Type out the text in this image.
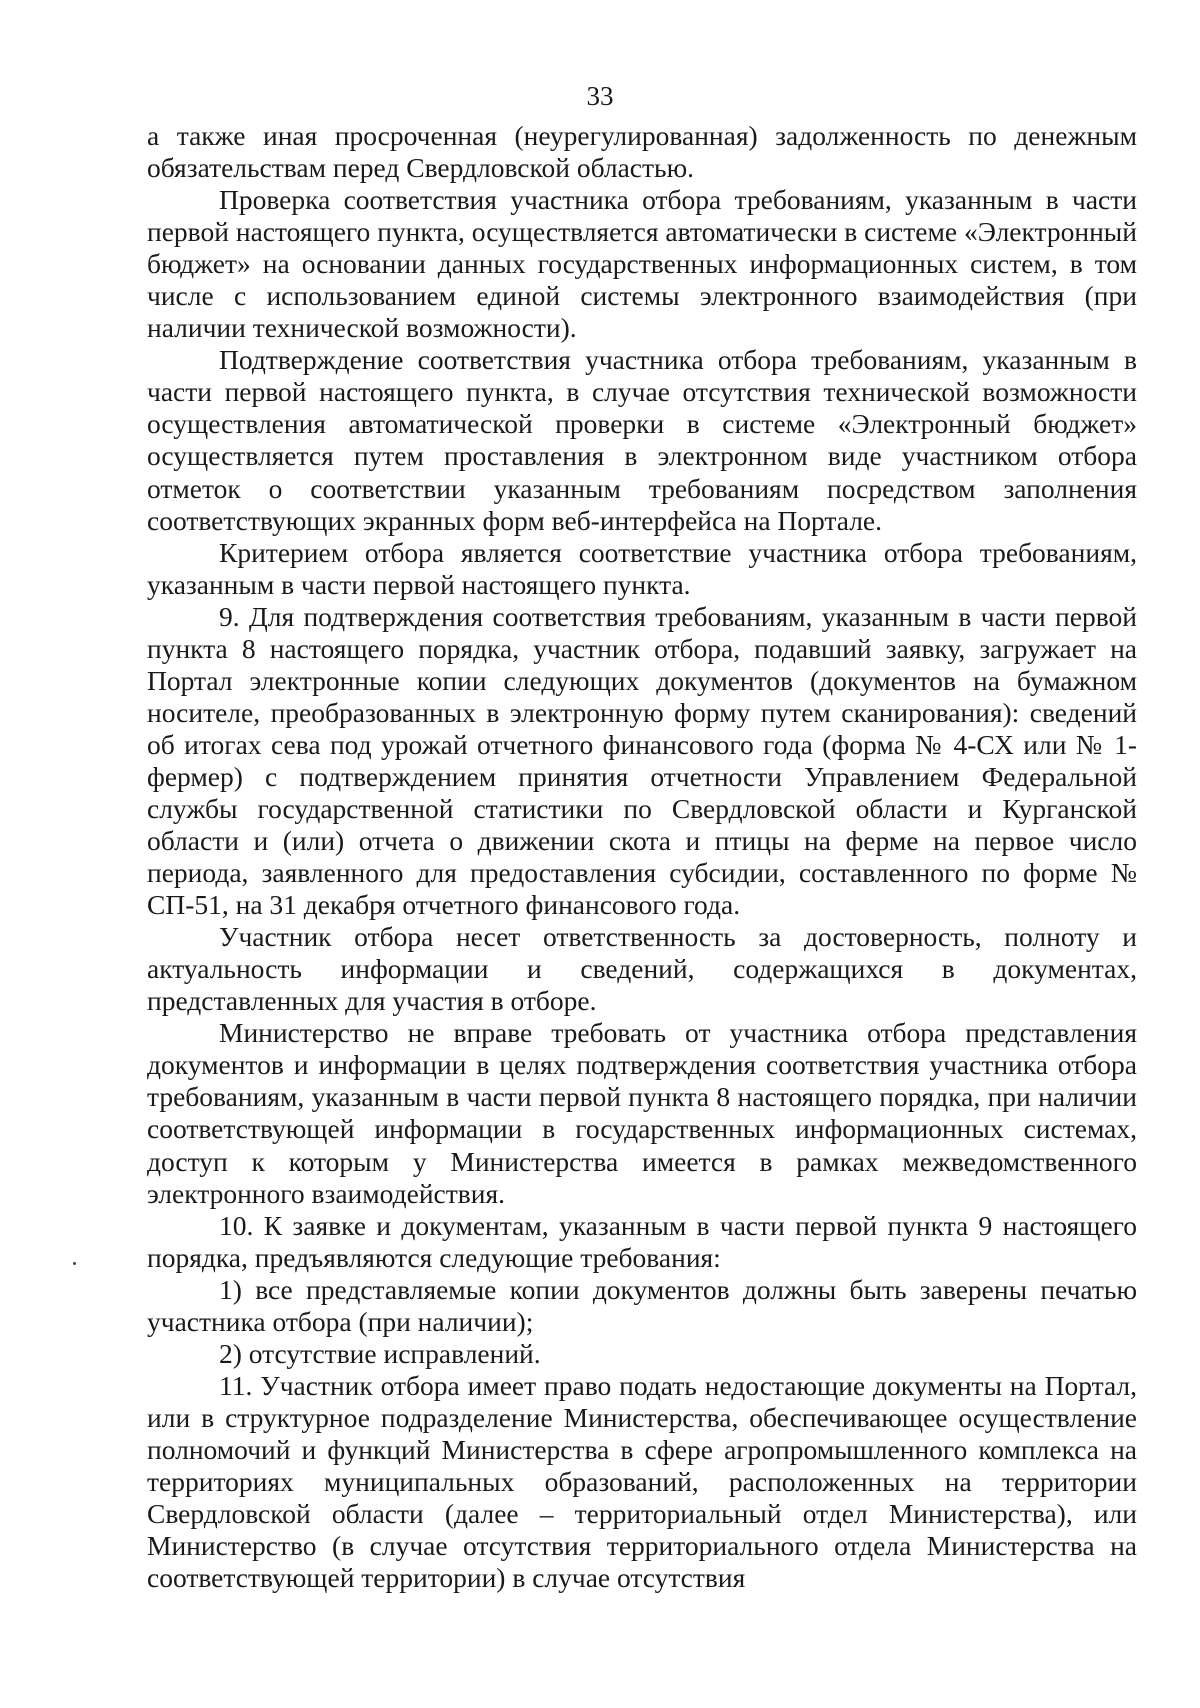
33

а также иная просроченная (неурегулированная) задолженность по денежным обязательствам перед Свердловской областью.

Проверка соответствия участника отбора требованиям, указанным в части первой настоящего пункта, осуществляется автоматически в системе «Электронный бюджет» на основании данных государственных информационных систем, в том числе с использованием единой системы электронного взаимодействия (при наличии технической возможности).

Подтверждение соответствия участника отбора требованиям, указанным в части первой настоящего пункта, в случае отсутствия технической возможности осуществления автоматической проверки в системе «Электронный бюджет» осуществляется путем проставления в электронном виде участником отбора отметок о соответствии указанным требованиям посредством заполнения соответствующих экранных форм веб-интерфейса на Портале.

Критерием отбора является соответствие участника отбора требованиям, указанным в части первой настоящего пункта.

9. Для подтверждения соответствия требованиям, указанным в части первой пункта 8 настоящего порядка, участник отбора, подавший заявку, загружает на Портал электронные копии следующих документов (документов на бумажном носителе, преобразованных в электронную форму путем сканирования): сведений об итогах сева под урожай отчетного финансового года (форма № 4-СХ или № 1-фермер) с подтверждением принятия отчетности Управлением Федеральной службы государственной статистики по Свердловской области и Курганской области и (или) отчета о движении скота и птицы на ферме на первое число периода, заявленного для предоставления субсидии, составленного по форме № СП-51, на 31 декабря отчетного финансового года.

Участник отбора несет ответственность за достоверность, полноту и актуальность информации и сведений, содержащихся в документах, представленных для участия в отборе.

Министерство не вправе требовать от участника отбора представления документов и информации в целях подтверждения соответствия участника отбора требованиям, указанным в части первой пункта 8 настоящего порядка, при наличии соответствующей информации в государственных информационных системах, доступ к которым у Министерства имеется в рамках межведомственного электронного взаимодействия.

10. К заявке и документам, указанным в части первой пункта 9 настоящего порядка, предъявляются следующие требования:

1) все представляемые копии документов должны быть заверены печатью участника отбора (при наличии);

2) отсутствие исправлений.

11. Участник отбора имеет право подать недостающие документы на Портал, или в структурное подразделение Министерства, обеспечивающее осуществление полномочий и функций Министерства в сфере агропромышленного комплекса на территориях муниципальных образований, расположенных на территории Свердловской области (далее – территориальный отдел Министерства), или Министерство (в случае отсутствия территориального отдела Министерства на соответствующей территории) в случае отсутствия
